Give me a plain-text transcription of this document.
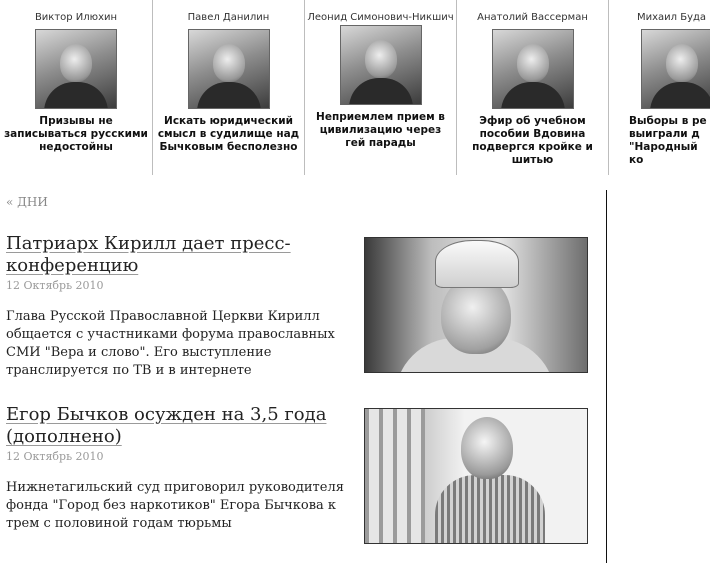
Виктор Илюхин
Призывы не записываться русскими недостойны
Павел Данилин
Искать юридический смысл в судилище над Бычковым бесполезно
Леонид Симонович-Никшич
Неприемлем прием в цивилизацию через гей парады
Анатолий Вассерман
Эфир об учебном пособии Вдовина подвергся кройке и шитью
Михаил Буда
Выборы в ре выиграли д "Народный ко
« ДНИ
Патриарх Кирилл дает пресс-конференцию
12 Октябрь 2010
Глава Русской Православной Церкви Кирилл общается с участниками форума православных СМИ "Вера и слово". Его выступление транслируется по ТВ и в интернете
Егор Бычков осужден на 3,5 года (дополнено)
12 Октябрь 2010
Нижнетагильский суд приговорил руководителя фонда "Город без наркотиков" Егора Бычкова к трем с половиной годам тюрьмы
